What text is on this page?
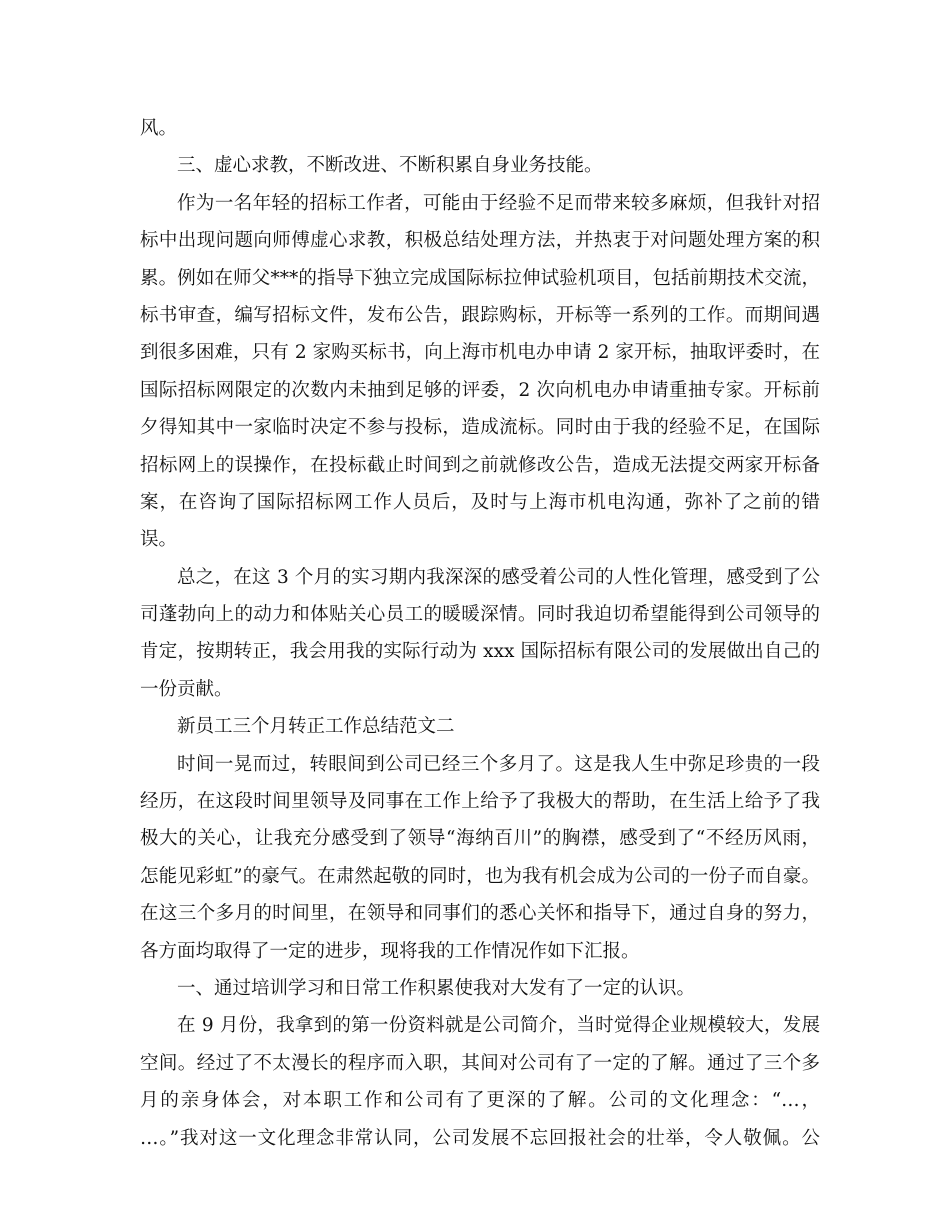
风。
三、虚心求教，不断改进、不断积累自身业务技能。
作为一名年轻的招标工作者，可能由于经验不足而带来较多麻烦，但我针对招
标中出现问题向师傅虚心求教，积极总结处理方法，并热衷于对问题处理方案的积
累。例如在师父***的指导下独立完成国际标拉伸试验机项目，包括前期技术交流，
标书审查，编写招标文件，发布公告，跟踪购标，开标等一系列的工作。而期间遇
到很多困难，只有 2 家购买标书，向上海市机电办申请 2 家开标，抽取评委时，在
国际招标网限定的次数内未抽到足够的评委，2 次向机电办申请重抽专家。开标前
夕得知其中一家临时决定不参与投标，造成流标。同时由于我的经验不足，在国际
招标网上的误操作，在投标截止时间到之前就修改公告，造成无法提交两家开标备
案，在咨询了国际招标网工作人员后，及时与上海市机电沟通，弥补了之前的错
误。
总之，在这 3 个月的实习期内我深深的感受着公司的人性化管理，感受到了公
司蓬勃向上的动力和体贴关心员工的暖暖深情。同时我迫切希望能得到公司领导的
肯定，按期转正，我会用我的实际行动为 xxx 国际招标有限公司的发展做出自己的
一份贡献。
新员工三个月转正工作总结范文二
时间一晃而过，转眼间到公司已经三个多月了。这是我人生中弥足珍贵的一段
经历，在这段时间里领导及同事在工作上给予了我极大的帮助，在生活上给予了我
极大的关心，让我充分感受到了领导“海纳百川”的胸襟，感受到了“不经历风雨，
怎能见彩虹”的豪气。在肃然起敬的同时，也为我有机会成为公司的一份子而自豪。
在这三个多月的时间里，在领导和同事们的悉心关怀和指导下，通过自身的努力，
各方面均取得了一定的进步，现将我的工作情况作如下汇报。
一、通过培训学习和日常工作积累使我对大发有了一定的认识。
在 9 月份，我拿到的第一份资料就是公司简介，当时觉得企业规模较大，发展
空间。经过了不太漫长的程序而入职，其间对公司有了一定的了解。通过了三个多
月的亲身体会，对本职工作和公司有了更深的了解。公司的文化理念：“…，
…。”我对这一文化理念非常认同，公司发展不忘回报社会的壮举，令人敬佩。公
